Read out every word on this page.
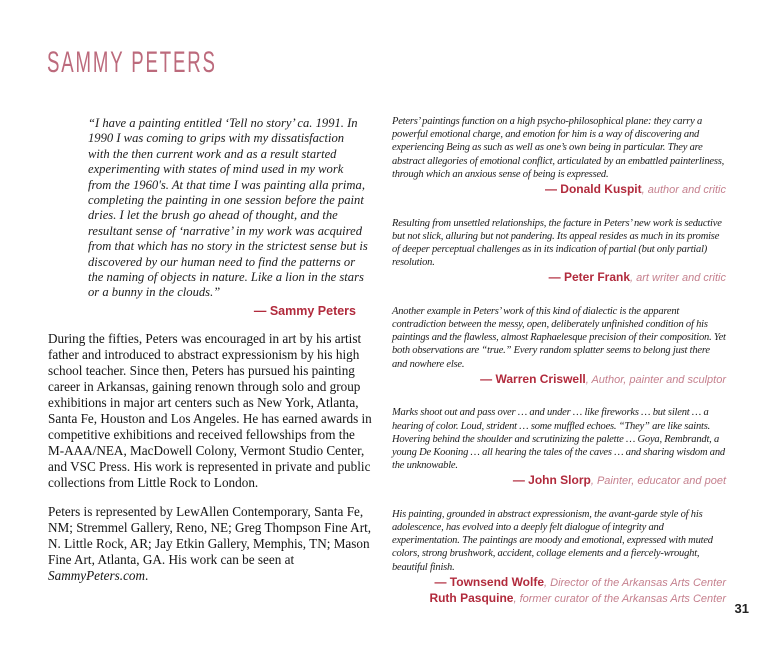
SAMMY PETERS

“I have a painting entitled ‘Tell no story’ ca. 1991. In 1990 I was coming to grips with my dissatisfaction with the then current work and as a result started experimenting with states of mind used in my work from the 1960's. At that time I was painting alla prima, completing the painting in one session before the paint dries. I let the brush go ahead of thought, and the resultant sense of ‘narrative’ in my work was acquired from that which has no story in the strictest sense but is discovered by our human need to find the patterns or the naming of objects in nature. Like a lion in the stars or a bunny in the clouds.”

— Sammy Peters

During the fifties, Peters was encouraged in art by his artist father and introduced to abstract expressionism by his high school teacher. Since then, Peters has pursued his painting career in Arkansas, gaining renown through solo and group exhibitions in major art centers such as New York, Atlanta, Santa Fe, Houston and Los Angeles. He has earned awards in competitive exhibitions and received fellowships from the M-AAA/NEA, MacDowell Colony, Vermont Studio Center, and VSC Press. His work is represented in private and public collections from Little Rock to London.

Peters is represented by LewAllen Contemporary, Santa Fe, NM; Stremmel Gallery, Reno, NE; Greg Thompson Fine Art, N. Little Rock, AR; Jay Etkin Gallery, Memphis, TN; Mason Fine Art, Atlanta, GA. His work can be seen at SammyPeters.com.

Peters’ paintings function on a high psycho-philosophical plane: they carry a powerful emotional charge, and emotion for him is a way of discovering and experiencing Being as such as well as one’s own being in particular. They are abstract allegories of emotional conflict, articulated by an embattled painterliness, through which an anxious sense of being is expressed.

— Donald Kuspit, author and critic

Resulting from unsettled relationships, the facture in Peters’ new work is seductive but not slick, alluring but not pandering. Its appeal resides as much in its promise of deeper perceptual challenges as in its indication of partial (but only partial) resolution.

— Peter Frank, art writer and critic

Another example in Peters’ work of this kind of dialectic is the apparent contradiction between the messy, open, deliberately unfinished condition of his paintings and the flawless, almost Raphaelesque precision of their composition. Yet both observations are “true.” Every random splatter seems to belong just there and nowhere else.

— Warren Criswell, Author, painter and sculptor

Marks shoot out and pass over … and under … like fireworks … but silent … a hearing of color. Loud, strident … some muffled echoes. “They” are like saints. Hovering behind the shoulder and scrutinizing the palette … Goya, Rembrandt, a young De Kooning … all hearing the tales of the caves … and sharing wisdom and the unknowable.

— John Slorp, Painter, educator and poet

His painting, grounded in abstract expressionism, the avant-garde style of his adolescence, has evolved into a deeply felt dialogue of integrity and experimentation. The paintings are moody and emotional, expressed with muted colors, strong brushwork, accident, collage elements and a fiercely-wrought, beautiful finish.

— Townsend Wolfe, Director of the Arkansas Arts Center

Ruth Pasquine, former curator of the Arkansas Arts Center

31
